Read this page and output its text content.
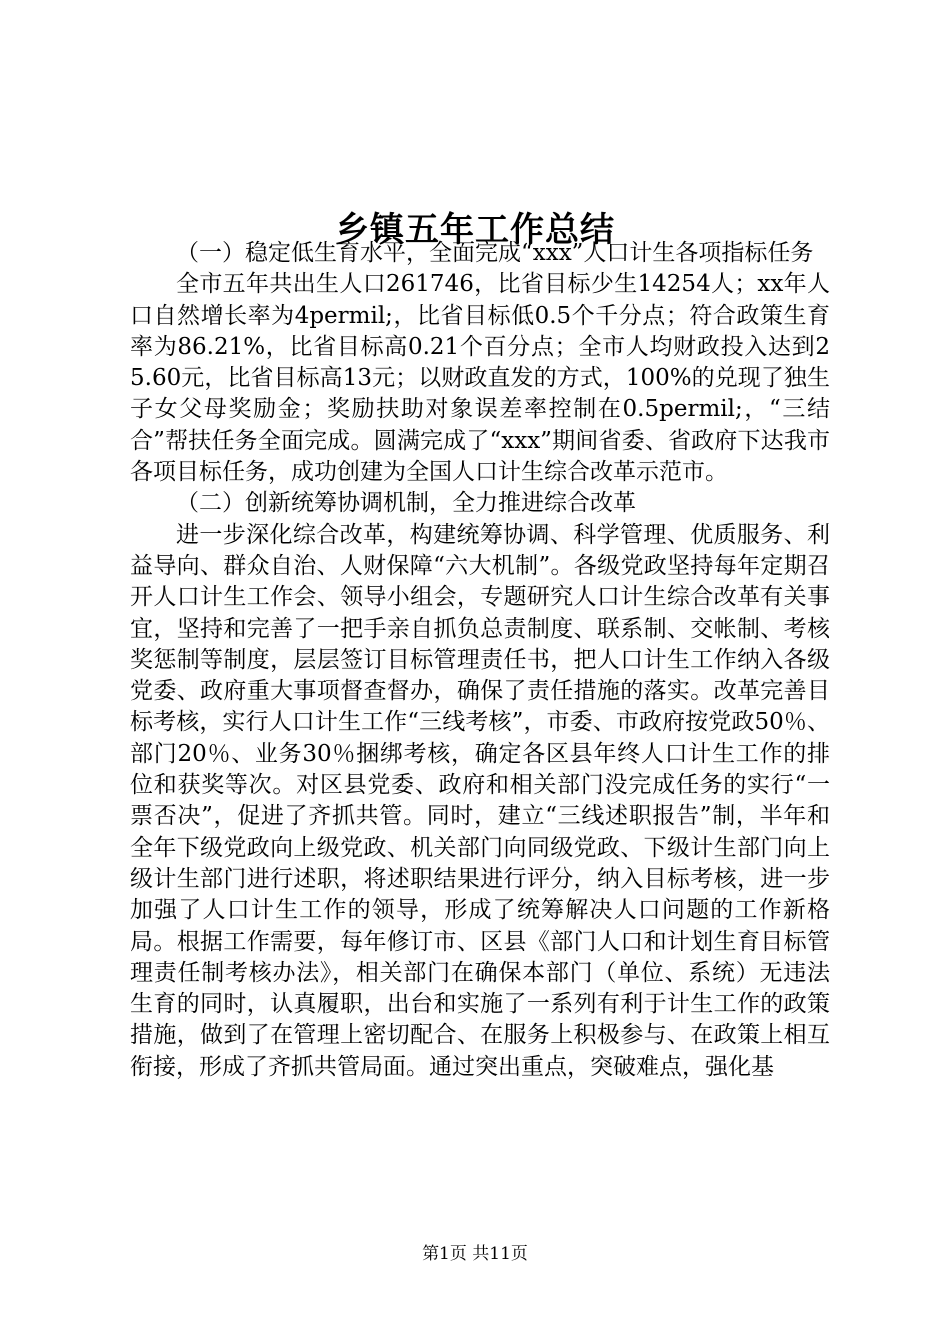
乡镇五年工作总结

（一）稳定低生育水平，全面完成“xxx”人口计生各项指标任务

全市五年共出生人口261746，比省目标少生14254人；xx年人口自然增长率为4permil;，比省目标低0.5个千分点；符合政策生育率为86.21%，比省目标高0.21个百分点；全市人均财政投入达到25.60元，比省目标高13元；以财政直发的方式，100%的兑现了独生子女父母奖励金；奖励扶助对象误差率控制在0.5permil;，“三结合”帮扶任务全面完成。圆满完成了“xxx”期间省委、省政府下达我市各项目标任务，成功创建为全国人口计生综合改革示范市。

（二）创新统筹协调机制，全力推进综合改革

进一步深化综合改革，构建统筹协调、科学管理、优质服务、利益导向、群众自治、人财保障“六大机制”。各级党政坚持每年定期召开人口计生工作会、领导小组会，专题研究人口计生综合改革有关事宜，坚持和完善了一把手亲自抓负总责制度、联系制、交帐制、考核奖惩制等制度，层层签订目标管理责任书，把人口计生工作纳入各级党委、政府重大事项督查督办，确保了责任措施的落实。改革完善目标考核，实行人口计生工作“三线考核”，市委、市政府按党政50％、部门20％、业务30％捆绑考核，确定各区县年终人口计生工作的排位和获奖等次。对区县党委、政府和相关部门没完成任务的实行“一票否决”，促进了齐抓共管。同时，建立“三线述职报告”制，半年和全年下级党政向上级党政、机关部门向同级党政、下级计生部门向上级计生部门进行述职，将述职结果进行评分，纳入目标考核，进一步加强了人口计生工作的领导，形成了统筹解决人口问题的工作新格局。根据工作需要，每年修订市、区县《部门人口和计划生育目标管理责任制考核办法》，相关部门在确保本部门（单位、系统）无违法生育的同时，认真履职，出台和实施了一系列有利于计生工作的政策措施，做到了在管理上密切配合、在服务上积极参与、在政策上相互衔接，形成了齐抓共管局面。通过突出重点，突破难点，强化基

第1页 共11页
